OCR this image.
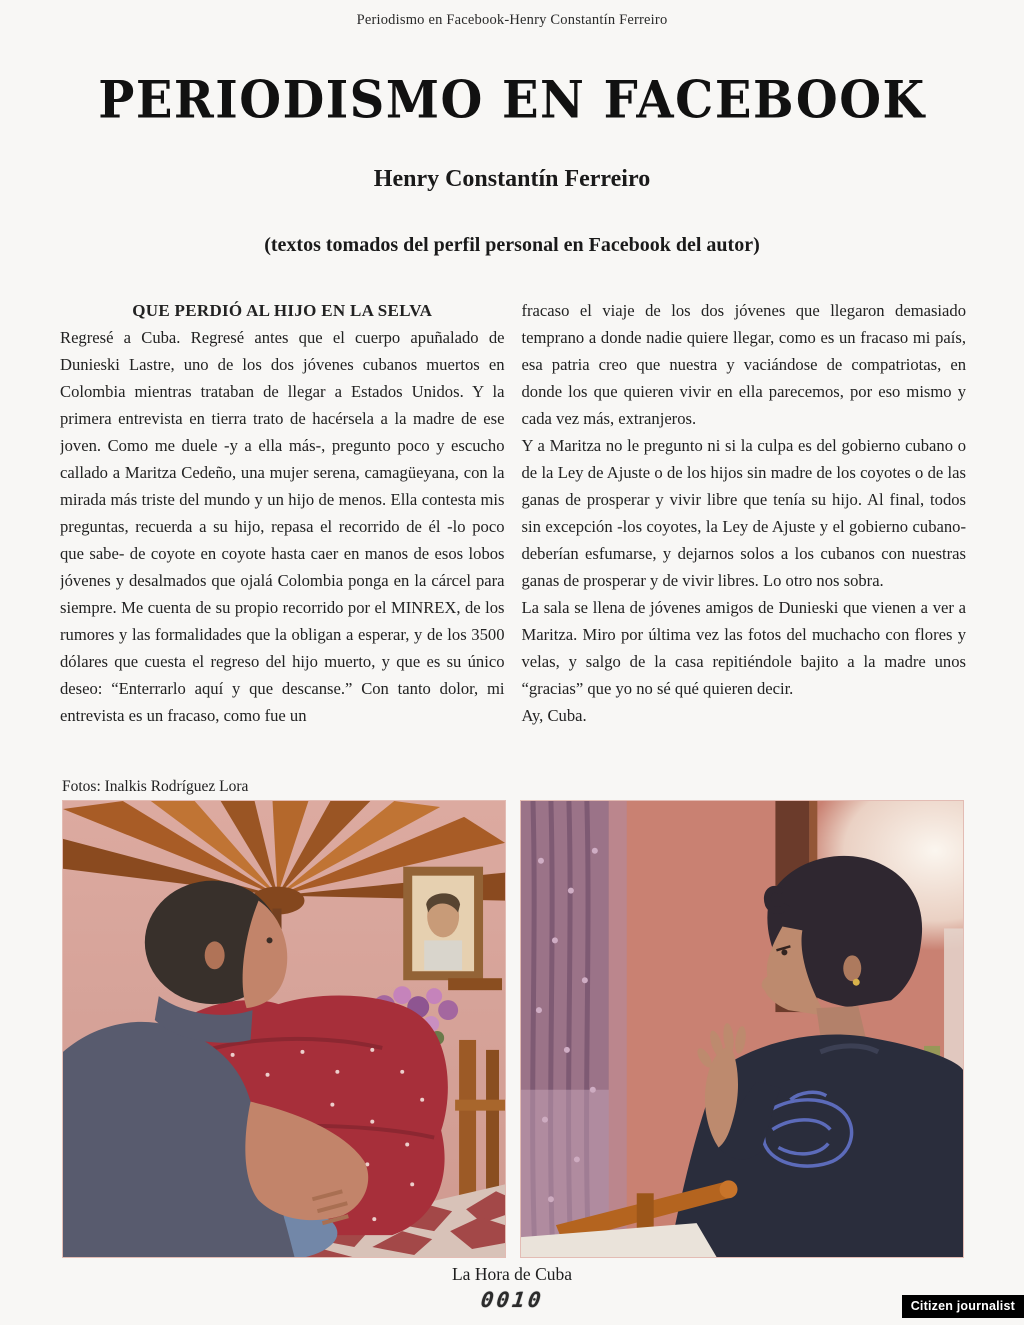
Periodismo en Facebook-Henry Constantín Ferreiro
PERIODISMO EN FACEBOOK
Henry Constantín Ferreiro
(textos tomados del perfil personal en Facebook del autor)
QUE PERDIÓ AL HIJO EN LA SELVA

Regresé a Cuba. Regresé antes que el cuerpo apuñalado de Dunieski Lastre, uno de los dos jóvenes cubanos muertos en Colombia mientras trataban de llegar a Estados Unidos. Y la primera entrevista en tierra trato de hacérsela a la madre de ese joven. Como me duele -y a ella más-, pregunto poco y escucho callado a Maritza Cedeño, una mujer serena, camagüeyana, con la mirada más triste del mundo y un hijo de menos. Ella contesta mis preguntas, recuerda a su hijo, repasa el recorrido de él -lo poco que sabe- de coyote en coyote hasta caer en manos de esos lobos jóvenes y desalmados que ojalá Colombia ponga en la cárcel para siempre. Me cuenta de su propio recorrido por el MINREX, de los rumores y las formalidades que la obligan a esperar, y de los 3500 dólares que cuesta el regreso del hijo muerto, y que es su único deseo: “Enterrarlo aquí y que descanse.” Con tanto dolor, mi entrevista es un fracaso, como fue un

fracaso el viaje de los dos jóvenes que llegaron demasiado temprano a donde nadie quiere llegar, como es un fracaso mi país, esa patria creo que nuestra y vaciándose de compatriotas, en donde los que quieren vivir en ella parecemos, por eso mismo y cada vez más, extranjeros.

Y a Maritza no le pregunto ni si la culpa es del gobierno cubano o de la Ley de Ajuste o de los hijos sin madre de los coyotes o de las ganas de prosperar y vivir libre que tenía su hijo. Al final, todos sin excepción -los coyotes, la Ley de Ajuste y el gobierno cubano- deberían esfumarse, y dejarnos solos a los cubanos con nuestras ganas de prosperar y de vivir libres. Lo otro nos sobra.

La sala se llena de jóvenes amigos de Dunieski que vienen a ver a Maritza. Miro por última vez las fotos del muchacho con flores y velas, y salgo de la casa repitiéndole bajito a la madre unos “gracias” que yo no sé qué quieren decir.

Ay, Cuba.

Fotos: Inalkis Rodríguez Lora
La Hora de Cuba
0010	Citizen journalist
